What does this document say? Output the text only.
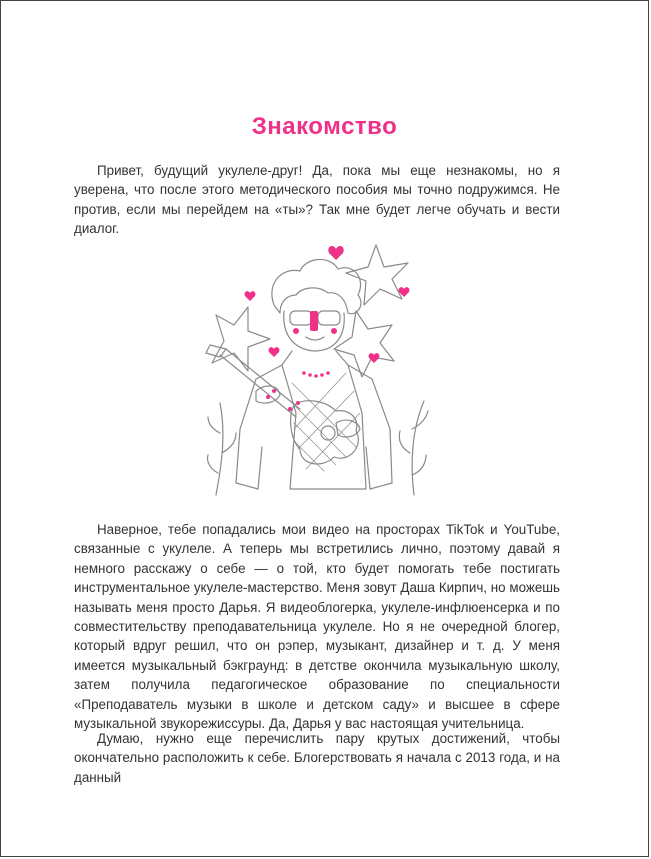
Знакомство

Привет, будущий укулеле-друг! Да, пока мы еще незнакомы, но я уверена, что после этого методического пособия мы точно подружимся. Не против, если мы перейдем на «ты»? Так мне будет легче обучать и вести диалог.

Наверное, тебе попадались мои видео на просторах TikTok и YouTube, связанные с укулеле. А теперь мы встретились лично, поэтому давай я немного расскажу о себе — о той, кто будет помогать тебе постигать инструментальное укулеле-мастерство. Меня зовут Даша Кирпич, но можешь называть меня просто Дарья. Я видеоблогерка, укулеле-инфлюенсерка и по совместительству преподавательница укулеле. Но я не очередной блогер, который вдруг решил, что он рэпер, музыкант, дизайнер и т. д. У меня имеется музыкальный бэкграунд: в детстве окончила музыкальную школу, затем получила педагогическое образование по специальности «Преподаватель музыки в школе и детском саду» и высшее в сфере музыкальной звукорежиссуры. Да, Дарья у вас настоящая учительница.

Думаю, нужно еще перечислить пару крутых достижений, чтобы окончательно расположить к себе. Блогерствовать я начала с 2013 года, и на данный
